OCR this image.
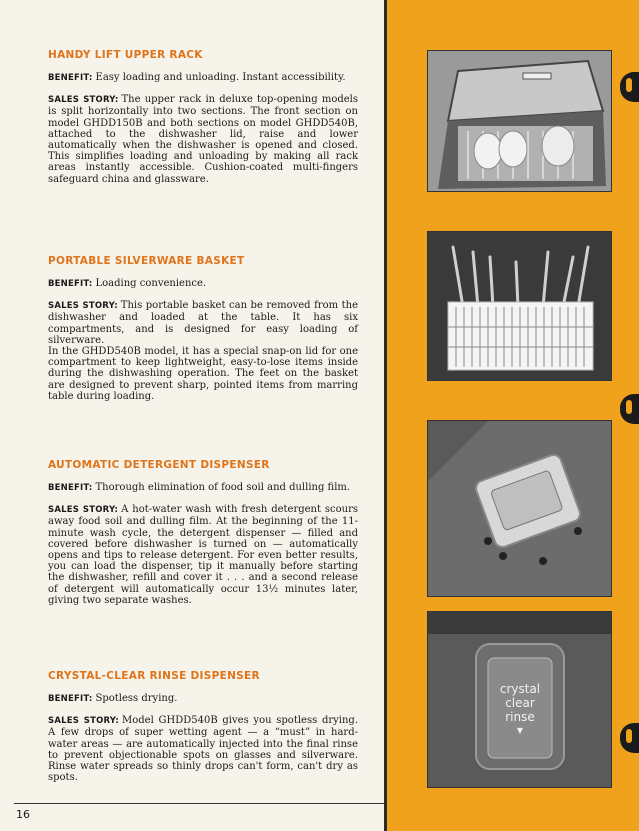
HANDY LIFT UPPER RACK

BENEFIT: Easy loading and unloading. Instant accessibility.

SALES STORY: The upper rack in deluxe top-opening models is split horizontally into two sections. The front section on model GHDD150B and both sections on model GHDD540B, attached to the dishwasher lid, raise and lower automatically when the dishwasher is opened and closed. This simplifies loading and unloading by making all rack areas instantly accessible. Cushion-coated multi-fingers safeguard china and glassware.

PORTABLE SILVERWARE BASKET

BENEFIT: Loading convenience.

SALES STORY: This portable basket can be removed from the dishwasher and loaded at the table. It has six compartments, and is designed for easy loading of silverware.

In the GHDD540B model, it has a special snap-on lid for one compartment to keep lightweight, easy-to-lose items inside during the dishwashing operation. The feet on the basket are designed to prevent sharp, pointed items from marring table during loading.

AUTOMATIC DETERGENT DISPENSER

BENEFIT: Thorough elimination of food soil and dulling film.

SALES STORY: A hot-water wash with fresh detergent scours away food soil and dulling film. At the beginning of the 11-minute wash cycle, the detergent dispenser — filled and covered before dishwasher is turned on — automatically opens and tips to release detergent. For even better results, you can load the dispenser, tip it manually before starting the dishwasher, refill and cover it . . . and a second release of detergent will automatically occur 13½ minutes later, giving two separate washes.

CRYSTAL-CLEAR RINSE DISPENSER

BENEFIT: Spotless drying.

SALES STORY: Model GHDD540B gives you spotless drying. A few drops of super wetting agent — a “must” in hard-water areas — are automatically injected into the final rinse to prevent objectionable spots on glasses and silverware. Rinse water spreads so thinly drops can't form, can't dry as spots.

16
crystal
clear
rinse
▼
